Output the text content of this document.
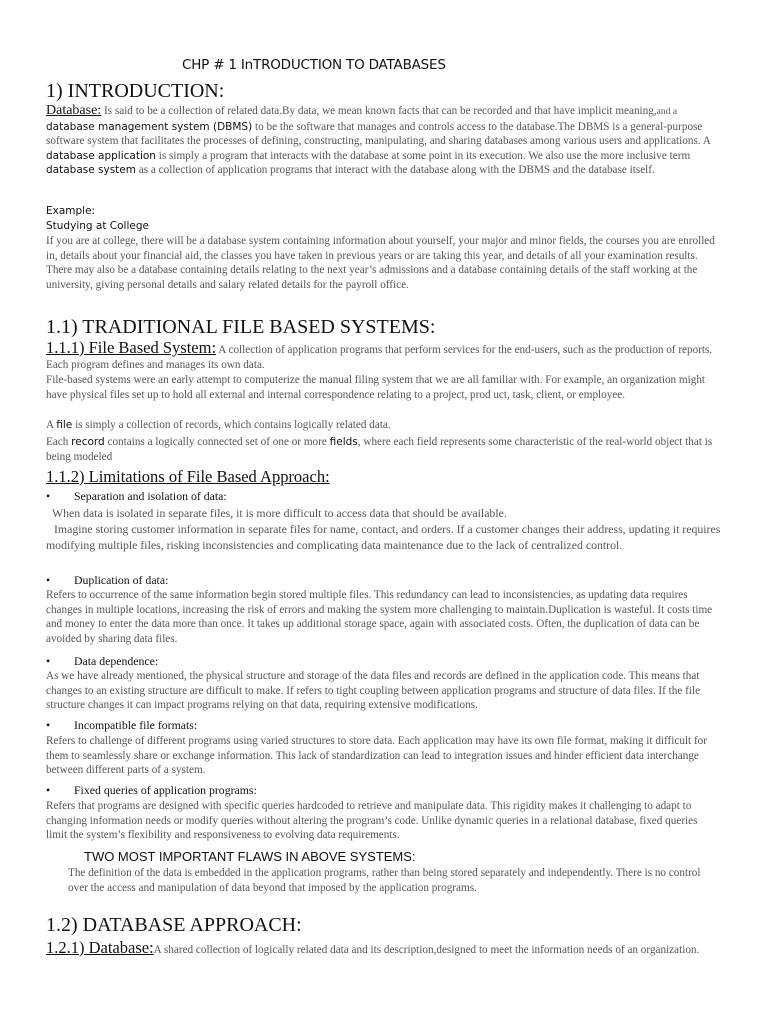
CHP # 1 InTRODUCTION TO DATABASES
1) INTRODUCTION:

Database: Is said to be a collection of related data.By data, we mean known facts that can be recorded and that have implicit meaning,and a database management system (DBMS) to be the software that manages and controls access to the database.The DBMS is a general-purpose software system that facilitates the processes of defining, constructing, manipulating, and sharing databases among various users and applications. A database application is simply a program that interacts with the database at some point in its execution. We also use the more inclusive term database system as a collection of application programs that interact with the database along with the DBMS and the database itself.

Example:
Studying at College

If you are at college, there will be a database system containing information about yourself, your major and minor fields, the courses you are enrolled in, details about your financial aid, the classes you have taken in previous years or are taking this year, and details of all your examination results. There may also be a database containing details relating to the next year’s admissions and a database containing details of the staff working at the university, giving personal details and salary related details for the payroll office.

1.1) TRADITIONAL FILE BASED SYSTEMS:

1.1.1) File Based System: A collection of application programs that perform services for the end-users, such as the production of reports. Each program defines and manages its own data.

File-based systems were an early attempt to computerize the manual filing system that we are all familiar with. For example, an organization might have physical files set up to hold all external and internal correspondence relating to a project, prod uct, task, client, or employee.

A file is simply a collection of records, which contains logically related data.

Each record contains a logically connected set of one or more fields, where each field represents some characteristic of the real-world object that is being modeled

1.1.2) Limitations of File Based Approach:
• Separation and isolation of data:

When data is isolated in separate files, it is more difficult to access data that should be available.

Imagine storing customer information in separate files for name, contact, and orders. If a customer changes their address, updating it requires modifying multiple files, risking inconsistencies and complicating data maintenance due to the lack of centralized control.

• Duplication of data:

Refers to occurrence of the same information begin stored multiple files. This redundancy can lead to inconsistencies, as updating data requires changes in multiple locations, increasing the risk of errors and making the system more challenging to maintain.Duplication is wasteful. It costs time and money to enter the data more than once. It takes up additional storage space, again with associated costs. Often, the duplication of data can be avoided by sharing data files.

• Data dependence:

As we have already mentioned, the physical structure and storage of the data files and records are defined in the application code. This means that changes to an existing structure are difficult to make. If refers to tight coupling between application programs and structure of data files. If the file structure changes it can impact programs relying on that data, requiring extensive modifications.

• Incompatible file formats:

Refers to challenge of different programs using varied structures to store data. Each application may have its own file format, making it difficult for them to seamlessly share or exchange information. This lack of standardization can lead to integration issues and hinder efficient data interchange between different parts of a system.

• Fixed queries of application programs:

Refers that programs are designed with specific queries hardcoded to retrieve and manipulate data. This rigidity makes it challenging to adapt to changing information needs or modify queries without altering the program’s code. Unlike dynamic queries in a relational database, fixed queries limit the system’s flexibility and responsiveness to evolving data requirements.

TWO MOST IMPORTANT FLAWS IN ABOVE SYSTEMS:

The definition of the data is embedded in the application programs, rather than being stored separately and independently. There is no control over the access and manipulation of data beyond that imposed by the application programs.

1.2) DATABASE APPROACH:

1.2.1) Database:A shared collection of logically related data and its description,designed to meet the information needs of an organization.
